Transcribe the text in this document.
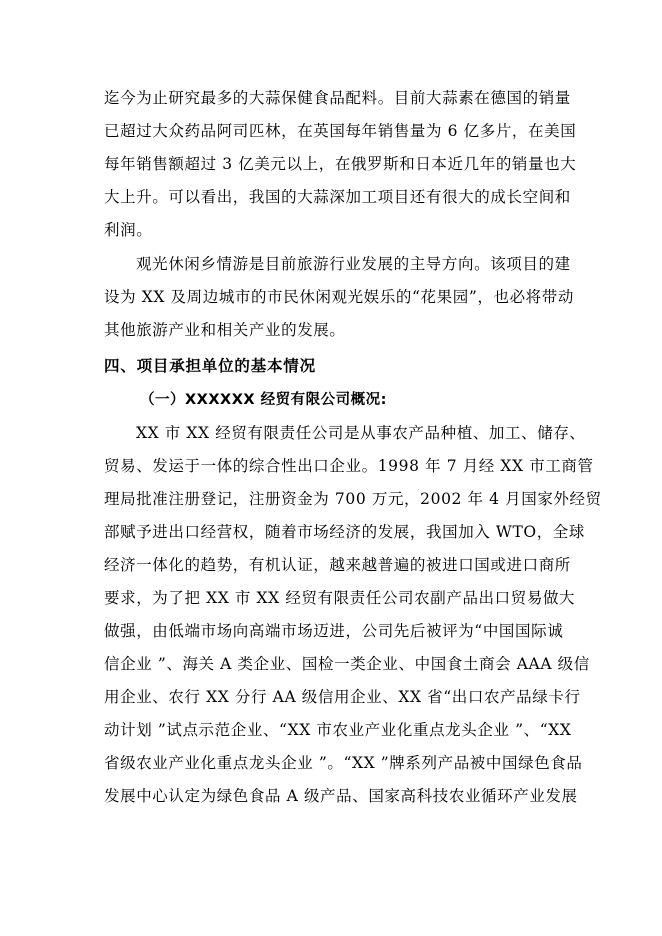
迄今为止研究最多的大蒜保健食品配料。目前大蒜素在德国的销量
已超过大众药品阿司匹林，在英国每年销售量为 6 亿多片，在美国
每年销售额超过 3 亿美元以上，在俄罗斯和日本近几年的销量也大
大上升。可以看出，我国的大蒜深加工项目还有很大的成长空间和
利润。
观光休闲乡情游是目前旅游行业发展的主导方向。该项目的建
设为 XX 及周边城市的市民休闲观光娱乐的“花果园”，也必将带动
其他旅游产业和相关产业的发展。
四、项目承担单位的基本情况
（一）XXXXXX 经贸有限公司概况:
XX 市 XX 经贸有限责任公司是从事农产品种植、加工、储存、
贸易、发运于一体的综合性出口企业。1998 年 7 月经 XX 市工商管
理局批准注册登记，注册资金为 700 万元，2002 年 4 月国家外经贸
部赋予进出口经营权，随着市场经济的发展，我国加入 WTO，全球
经济一体化的趋势，有机认证，越来越普遍的被进口国或进口商所
要求，为了把 XX 市 XX 经贸有限责任公司农副产品出口贸易做大
做强，由低端市场向高端市场迈进，公司先后被评为“中国国际诚
信企业 ”、海关 A 类企业、国检一类企业、中国食土商会 AAA 级信
用企业、农行 XX 分行 AA 级信用企业、XX 省“出口农产品绿卡行
动计划 ”试点示范企业、“XX 市农业产业化重点龙头企业 ”、“XX
省级农业产业化重点龙头企业 ”。“XX ”牌系列产品被中国绿色食品
发展中心认定为绿色食品 A 级产品、国家高科技农业循环产业发展
